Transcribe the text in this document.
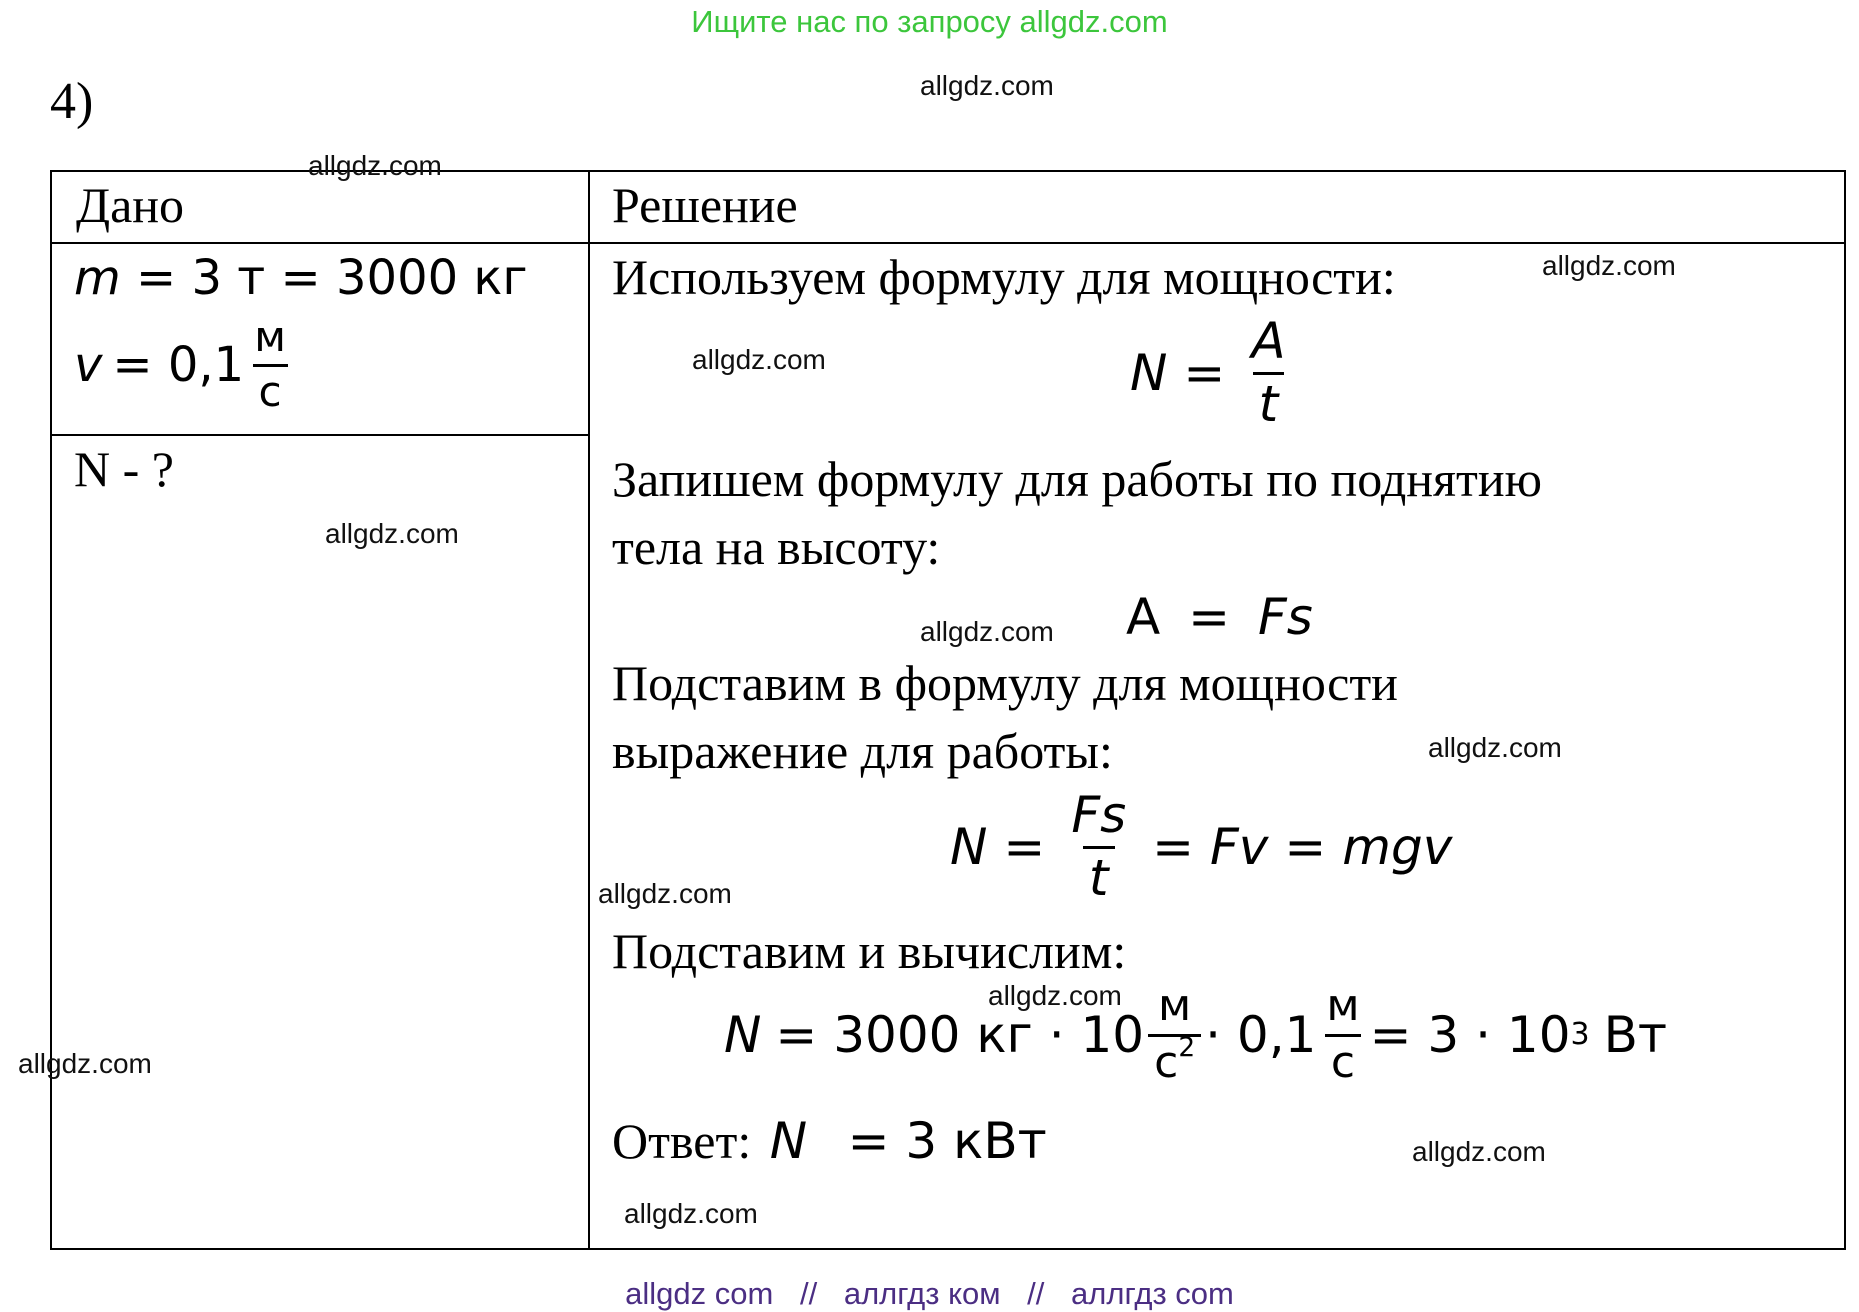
Ищите нас по запросу allgdz.com
4)
Дано	Решение
m = 3 т = 3000 кг
$v = 0,1 \frac{м}{с}$
N - ?
Используем формулу для мощности:
$N = \frac{A}{t}$
Запишем формулу для работы по поднятию
тела на высоту:
A = Fs
Подставим в формулу для мощности
выражение для работы:
$N = \frac{Fs}{t} = Fv$ = mgv
Подставим и вычислим:
N = 3000 кг · $10 \frac{м}{с^2} \cdot 0,1 \frac{м}{с} = 3 \cdot 10$ 3 Вт
Ответ: N = 3 кВт
allgdz.com
allgdz.com
allgdz.com
allgdz.com
allgdz.com
allgdz.com
allgdz.com
allgdz.com
allgdz.com
allgdz.com
allgdz.com
allgdz.com
allgdz com // аллгдз ком // аллгдз com
